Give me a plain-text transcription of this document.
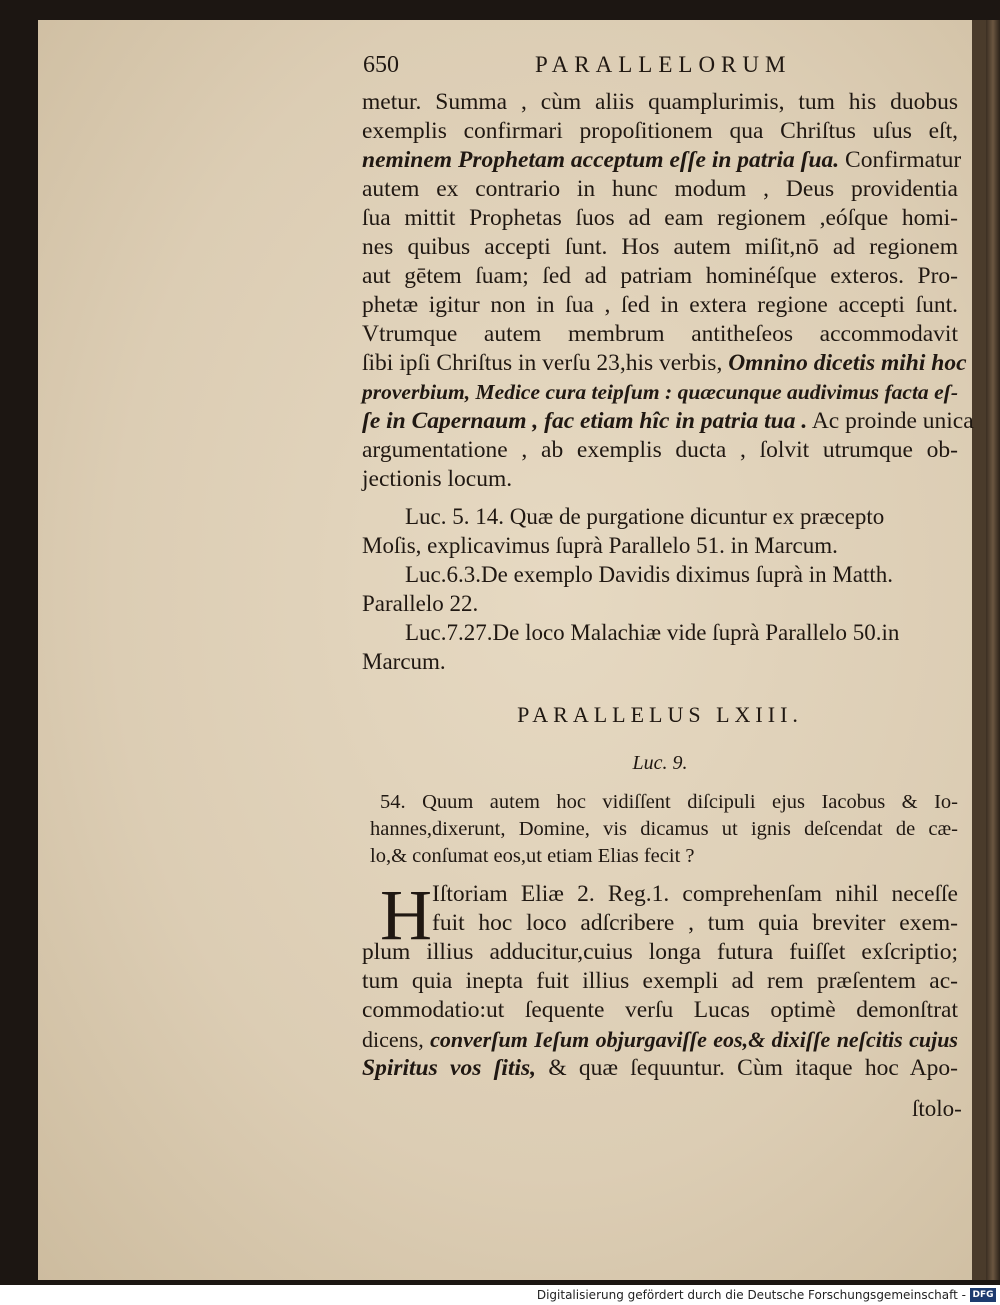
650	PARALLELORUM
metur. Summa , cùm aliis quamplurimis, tum his duobus
exemplis confirmari propoſitionem qua Chriſtus uſus eſt,
neminem Prophetam acceptum eſſe in patria ſua. Confirmatur
autem ex contrario in hunc modum , Deus providentia
ſua mittit Prophetas ſuos ad eam regionem ,eóſque homi-
nes quibus accepti ſunt. Hos autem miſit,nō ad regionem
aut gētem ſuam; ſed ad patriam hominéſque exteros. Pro-
phetæ igitur non in ſua , ſed in extera regione accepti ſunt.
Vtrumque autem membrum antitheſeos accommodavit
ſibi ipſi Chriſtus in verſu 23,his verbis, Omnino dicetis mihi hoc
proverbium, Medice cura teipſum : quæcunque audivimus facta eſ-
ſe in Capernaum , fac etiam hîc in patria tua . Ac proinde unica
argumentatione , ab exemplis ducta , ſolvit utrumque ob-
jectionis locum.
Luc. 5. 14. Quæ de purgatione dicuntur ex præcepto
Moſis, explicavimus ſuprà Parallelo 51. in Marcum.
Luc.6.3.De exemplo Davidis diximus ſuprà in Matth.
Parallelo 22.
Luc.7.27.De loco Malachiæ vide ſuprà Parallelo 50.in
Marcum.
PARALLELUS LXIII.
Luc. 9.
54. Quum autem hoc vidiſſent diſcipuli ejus Iacobus & Io-
hannes,dixerunt, Domine, vis dicamus ut ignis deſcendat de cæ-
lo,& conſumat eos,ut etiam Elias fecit ?
H Iſtoriam Eliæ 2. Reg.1. comprehenſam nihil neceſſe
fuit hoc loco adſcribere , tum quia breviter exem-
plum illius adducitur,cuius longa futura fuiſſet exſcriptio;
tum quia inepta fuit illius exempli ad rem præſentem ac-
commodatio:ut ſequente verſu Lucas optimè demonſtrat
dicens, converſum Ieſum objurgaviſſe eos,& dixiſſe neſcitis cujus
Spiritus vos ſitis, & quæ ſequuntur. Cùm itaque hoc Apo-
ſtolo-
Digitalisierung gefördert durch die Deutsche Forschungsgemeinschaft - DFG
